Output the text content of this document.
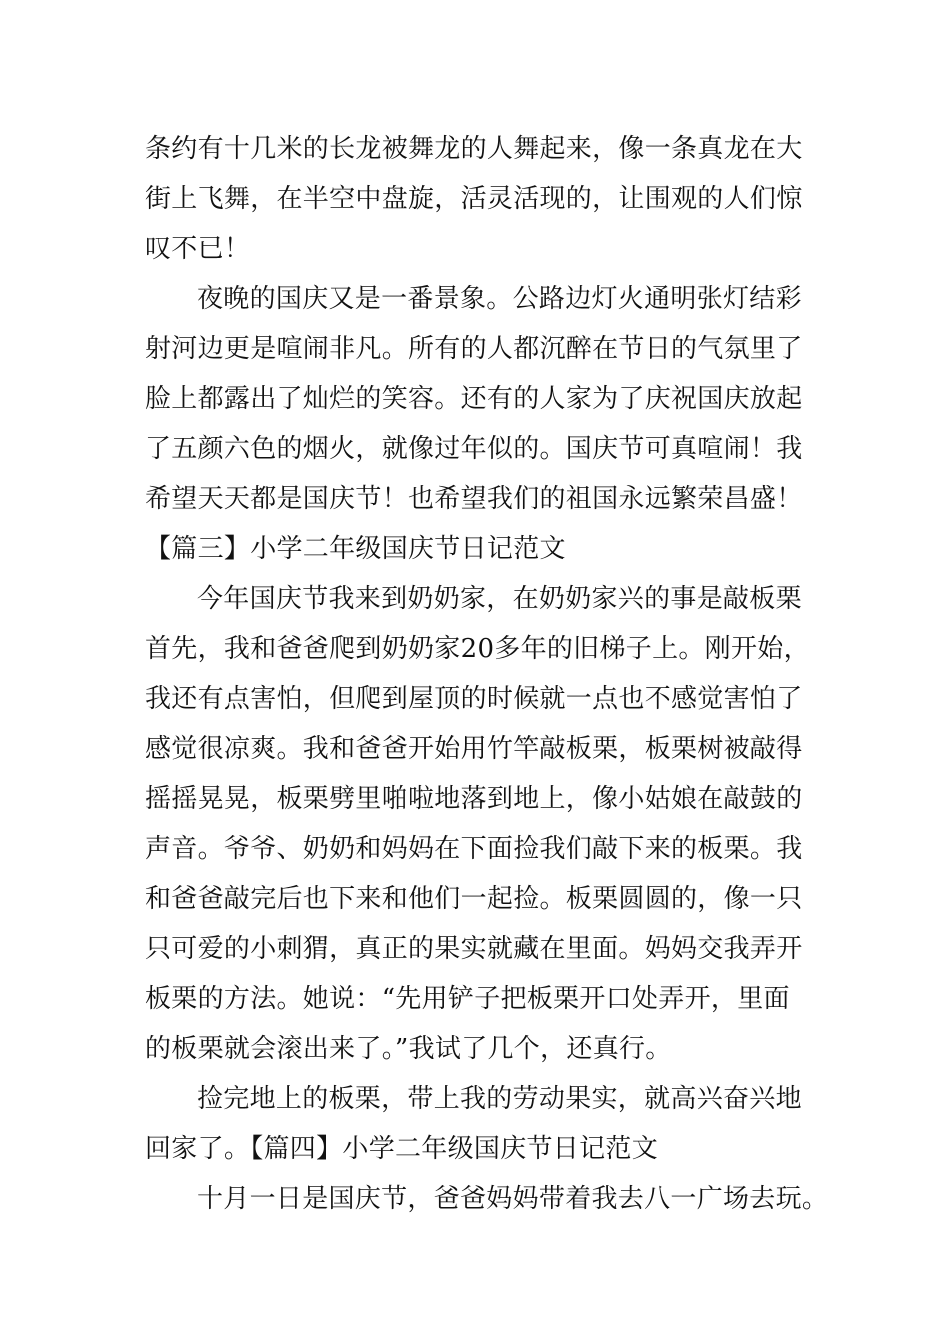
条约有十几米的长龙被舞龙的人舞起来，像一条真龙在大
街上飞舞，在半空中盘旋，活灵活现的，让围观的人们惊
叹不已！
夜晚的国庆又是一番景象。公路边灯火通明张灯结彩
射河边更是喧闹非凡。所有的人都沉醉在节日的气氛里了
脸上都露出了灿烂的笑容。还有的人家为了庆祝国庆放起
了五颜六色的烟火，就像过年似的。国庆节可真喧闹！我
希望天天都是国庆节！也希望我们的祖国永远繁荣昌盛！
【篇三】小学二年级国庆节日记范文
今年国庆节我来到奶奶家，在奶奶家兴的事是敲板栗
首先，我和爸爸爬到奶奶家20多年的旧梯子上。刚开始，
我还有点害怕，但爬到屋顶的时候就一点也不感觉害怕了
感觉很凉爽。我和爸爸开始用竹竿敲板栗，板栗树被敲得
摇摇晃晃，板栗劈里啪啦地落到地上，像小姑娘在敲鼓的
声音。爷爷、奶奶和妈妈在下面捡我们敲下来的板栗。我
和爸爸敲完后也下来和他们一起捡。板栗圆圆的，像一只
只可爱的小刺猬，真正的果实就藏在里面。妈妈交我弄开
板栗的方法。她说：“先用铲子把板栗开口处弄开，里面
的板栗就会滚出来了。”我试了几个，还真行。
捡完地上的板栗，带上我的劳动果实，就高兴奋兴地
回家了。【篇四】小学二年级国庆节日记范文
十月一日是国庆节，爸爸妈妈带着我去八一广场去玩。
